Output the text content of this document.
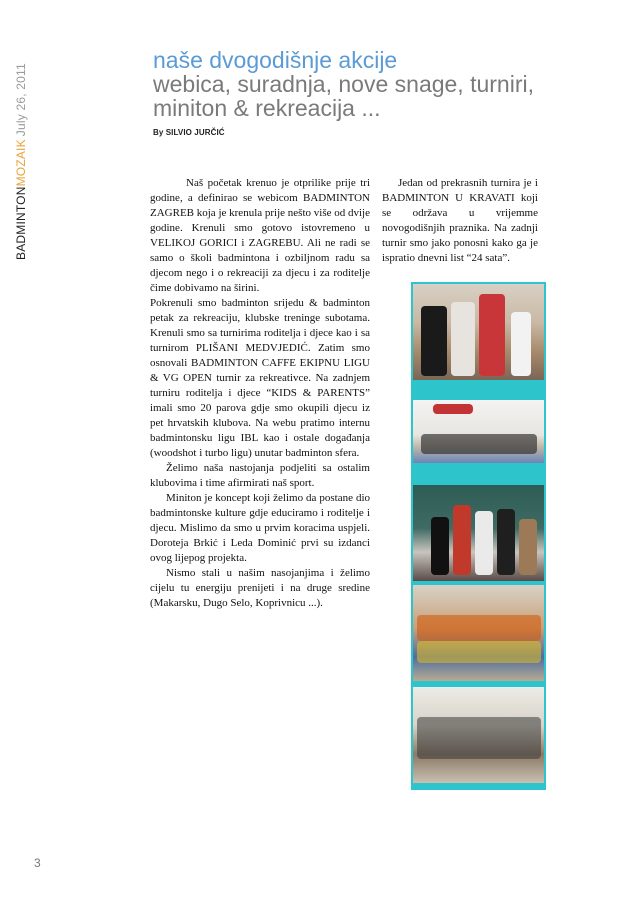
BADMINTONMOZAIKJuly 26, 2011
naše dvogodišnje akcije
webica, suradnja, nove snage, turniri,
miniton & rekreacija ...
By SILVIO JURČIĆ

Naš početak krenuo je otprilike prije tri godine, a definirao se webicom BADMINTON ZAGREB koja je krenula prije nešto više od dvije godine. Krenuli smo gotovo istovremeno u VELIKOJ GORICI i ZAGREBU. Ali ne radi se samo o školi badmintona i ozbiljnom radu sa djecom nego i o rekreaciji za djecu i za roditelje čime dobivamo na širini.

Pokrenuli smo badminton srijedu & badminton petak za rekreaciju, klubske treninge subotama. Krenuli smo sa turnirima roditelja i djece kao i sa turnirom PLIŠANI MEDVJEDIĆ. Zatim smo osnovali BADMINTON CAFFE EKIPNU LIGU & VG OPEN turnir za rekreativce. Na zadnjem turniru roditelja i djece “KIDS & PARENTS” imali smo 20 parova gdje smo okupili djecu iz pet hrvatskih klubova. Na webu pratimo internu badmintonsku ligu IBL kao i ostale događanja (woodshot i turbo ligu) unutar badminton sfera.

Želimo naša nastojanja podjeliti sa ostalim klubovima i time afirmirati naš sport.

Miniton je koncept koji želimo da postane dio badmintonske kulture gdje educiramo i roditelje i djecu. Mislimo da smo u prvim koracima uspjeli. Doroteja Brkić i Leda Dominić prvi su izdanci ovog lijepog projekta.

Nismo stali u našim nasojanjima i želimo cijelu tu energiju prenijeti i na druge sredine (Makarsku, Dugo Selo, Koprivnicu ...).

Jedan od prekrasnih turnira je i BADMINTON U KRAVATI koji se održava u vrijemme novogodišnjih praznika. Na zadnji turnir smo jako ponosni kako ga je ispratio dnevni list “24 sata”.

3
